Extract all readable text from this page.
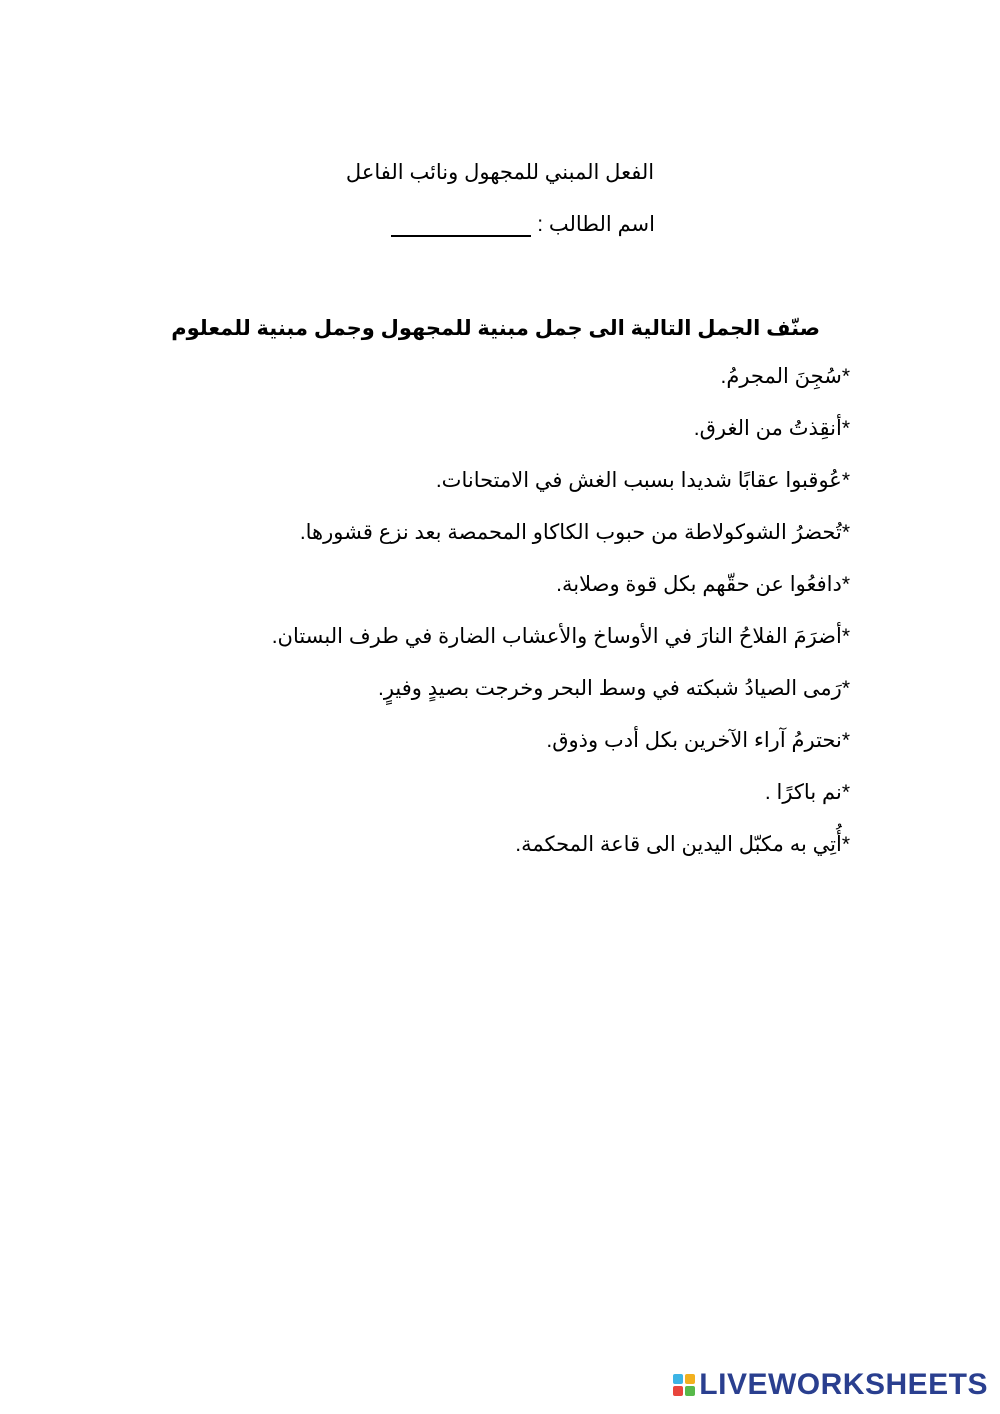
الفعل المبني للمجهول ونائب الفاعل
اسم الطالب :
صنّف الجمل التالية الى جمل مبنية للمجهول وجمل مبنية للمعلوم
*سُجِنَ المجرمُ.
*أنقِذتُ من الغرق.
*عُوقبوا عقابًا شديدا بسبب الغش في الامتحانات.
*تُحضرُ الشوكولاطة من حبوب الكاكاو المحمصة بعد نزع قشورها.
*دافعُوا عن حقّهم بكل قوة وصلابة.
*أضرَمَ الفلاحُ النارَ في الأوساخ والأعشاب الضارة في طرف البستان.
*رَمى الصيادُ شبكته في وسط البحر وخرجت بصيدٍ وفيرٍ.
*نحترمُ آراء الآخرين بكل أدب وذوق.
*نم باكرًا .
*أُتِي به مكبّل اليدين الى قاعة المحكمة.
LIVEWORKSHEETS
